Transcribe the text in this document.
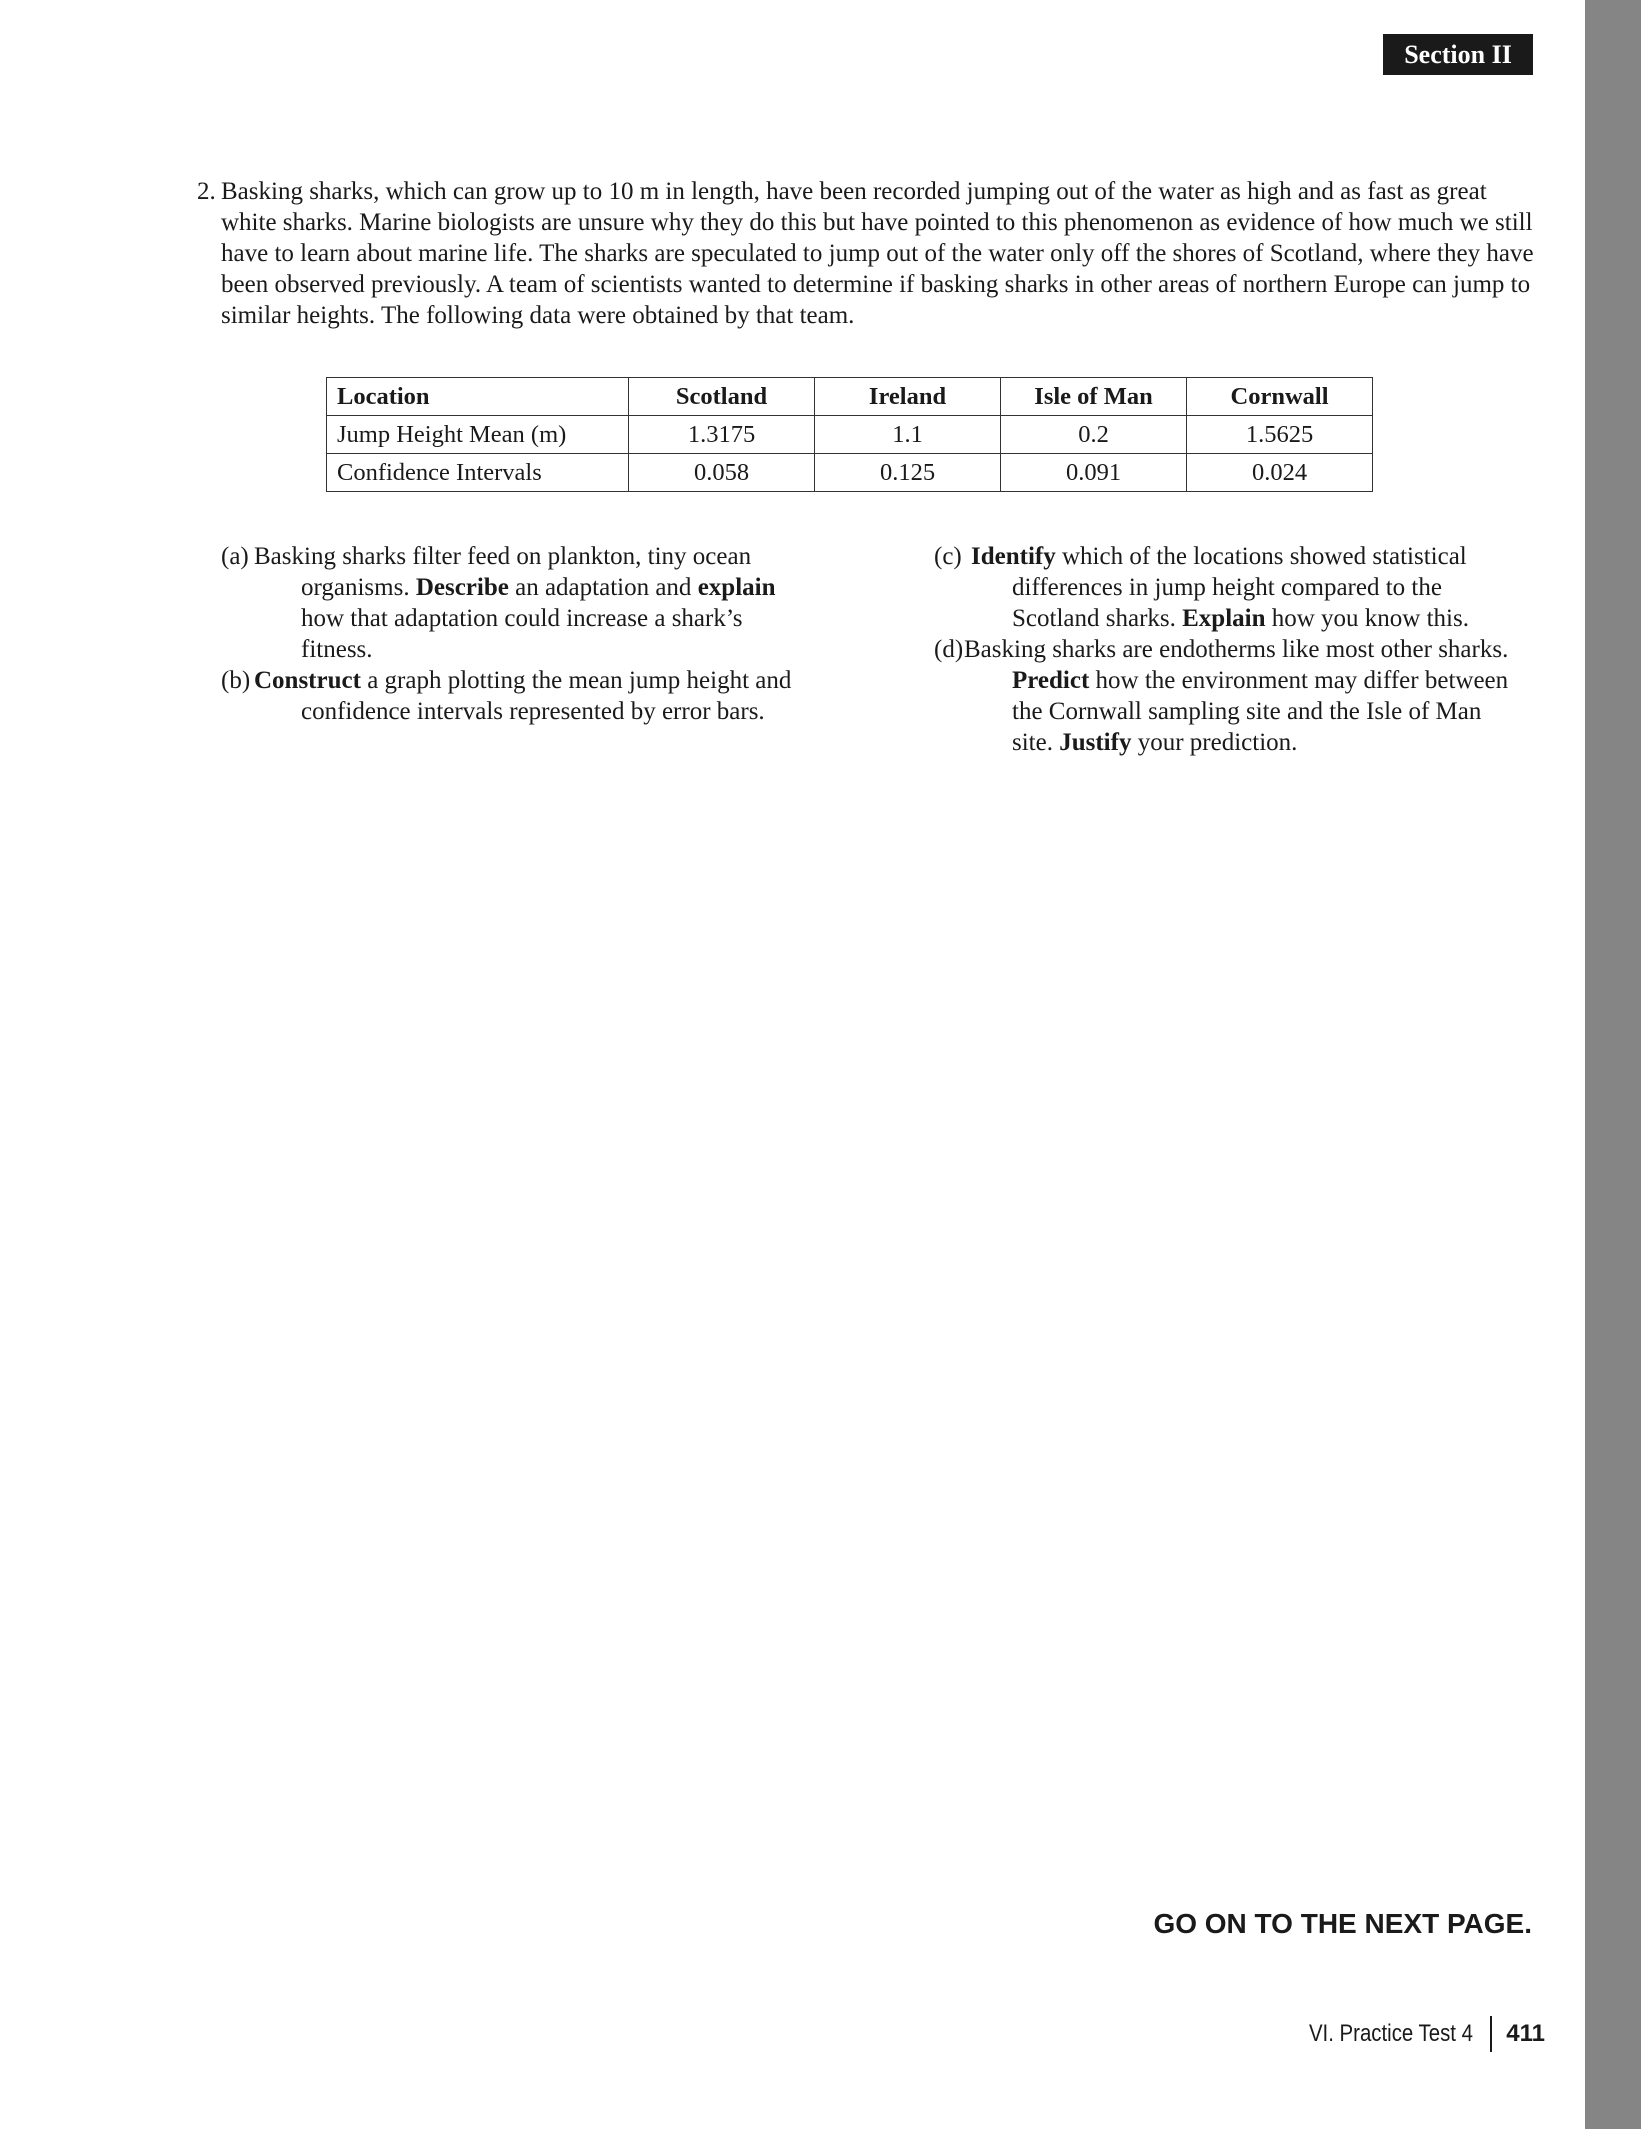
Section II
2. Basking sharks, which can grow up to 10 m in length, have been recorded jumping out of the water as high and as fast as great white sharks. Marine biologists are unsure why they do this but have pointed to this phenomenon as evidence of how much we still have to learn about marine life. The sharks are speculated to jump out of the water only off the shores of Scotland, where they have been observed previously. A team of scientists wanted to determine if basking sharks in other areas of northern Europe can jump to similar heights. The following data were obtained by that team.
Location	Scotland	Ireland	Isle of Man	Cornwall
Jump Height Mean (m)	1.3175	1.1	0.2	1.5625
Confidence Intervals	0.058	0.125	0.091	0.024
(a) Basking sharks filter feed on plankton, tiny ocean organisms. Describe an adaptation and explain how that adaptation could increase a shark’s fitness.
(b) Construct a graph plotting the mean jump height and confidence intervals represented by error bars.
(c) Identify which of the locations showed statistical differences in jump height compared to the Scotland sharks. Explain how you know this.
(d) Basking sharks are endotherms like most other sharks. Predict how the environment may differ between the Cornwall sampling site and the Isle of Man site. Justify your prediction.
GO ON TO THE NEXT PAGE.
VI. Practice Test 4 411
